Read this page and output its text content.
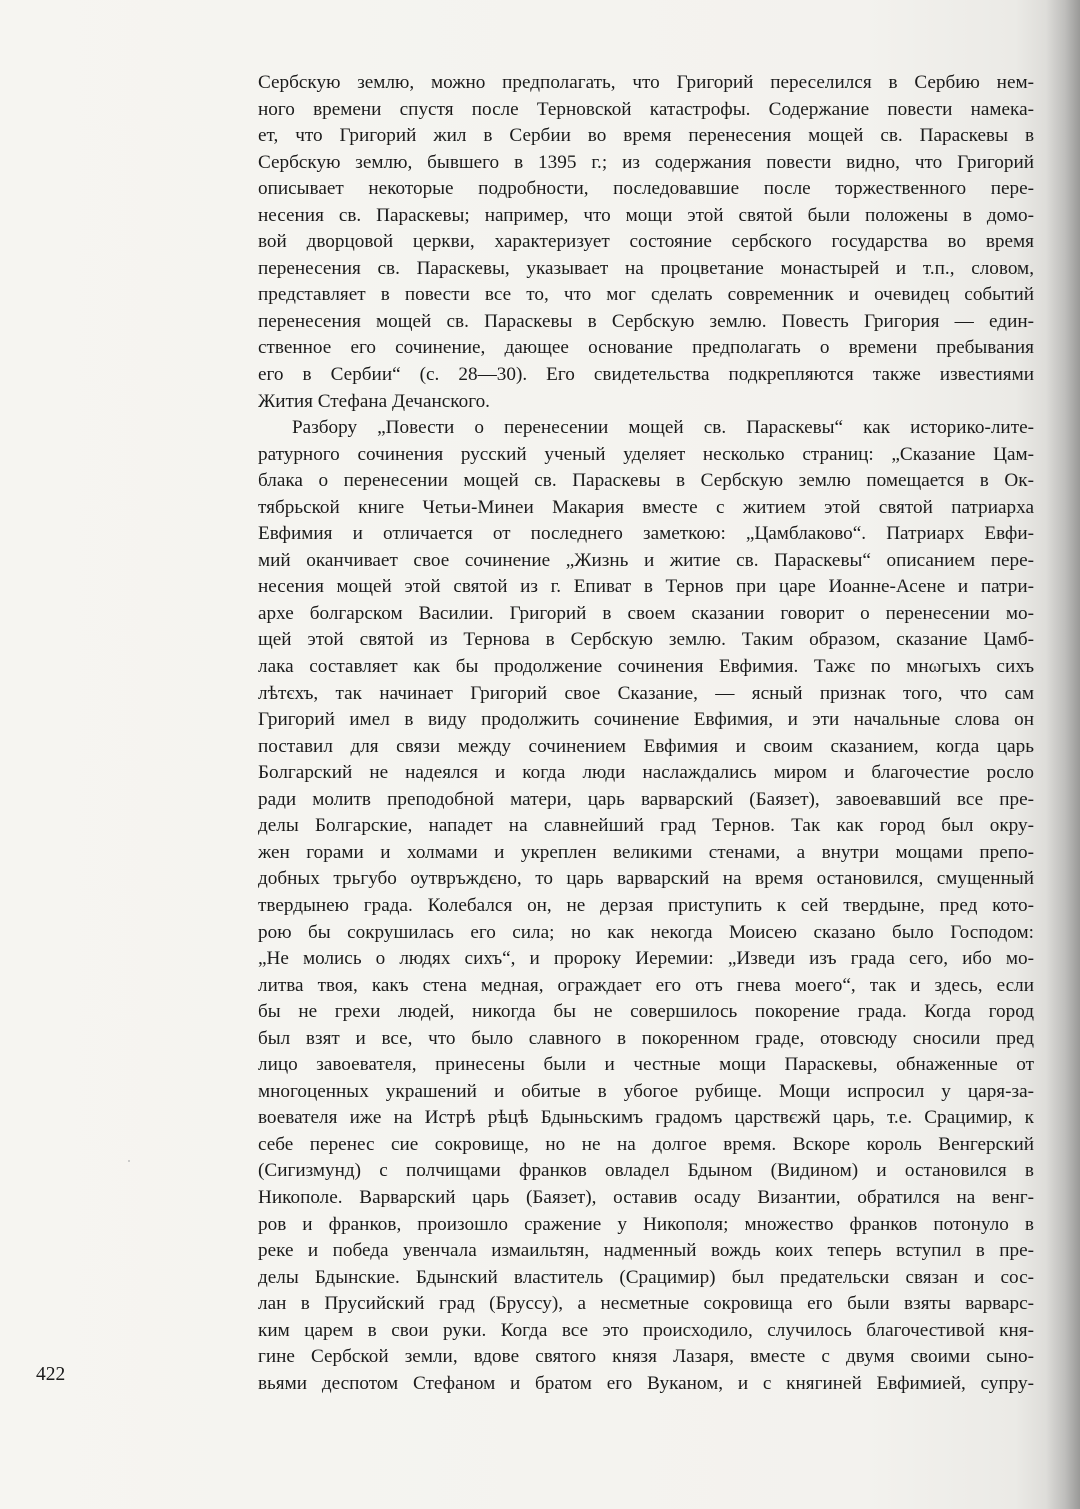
Сербскую землю, можно предполагать, что Григорий переселился в Сербию нем-
ного времени спустя после Терновской катастрофы. Содержание повести намека-
ет, что Григорий жил в Сербии во время перенесения мощей св. Параскевы в
Сербскую землю, бывшего в 1395 г.; из содержания повести видно, что Григорий
описывает некоторые подробности, последовавшие после торжественного пере-
несения св. Параскевы; например, что мощи этой святой были положены в домо-
вой дворцовой церкви, характеризует состояние сербского государства во время
перенесения св. Параскевы, указывает на процветание монастырей и т.п., словом,
представляет в повести все то, что мог сделать современник и очевидец событий
перенесения мощей св. Параскевы в Сербскую землю. Повесть Григория — един-
ственное его сочинение, дающее основание предполагать о времени пребывания
его в Сербии“ (с. 28—30). Его свидетельства подкрепляются также известиями
Жития Стефана Дечанского.
Разбору „Повести о перенесении мощей св. Параскевы“ как историко-лите-
ратурного сочинения русский ученый уделяет несколько страниц: „Сказание Цам-
блака о перенесении мощей св. Параскевы в Сербскую землю помещается в Ок-
тябрьской книге Четьи-Минеи Макария вместе с житием этой святой патриарха
Евфимия и отличается от последнего заметкою: „Цамблаково“. Патриарх Евфи-
мий оканчивает свое сочинение „Жизнь и житие св. Параскевы“ описанием пере-
несения мощей этой святой из г. Епиват в Тернов при царе Иоанне-Асене и патри-
архе болгарском Василии. Григорий в своем сказании говорит о перенесении мо-
щей этой святой из Тернова в Сербскую землю. Таким образом, сказание Цамб-
лака составляет как бы продолжение сочинения Евфимия. Тажє по мнωгыхъ сихъ
лѣтєхъ, так начинает Григорий свое Сказание, — ясный признак того, что сам
Григорий имел в виду продолжить сочинение Евфимия, и эти начальные слова он
поставил для связи между сочинением Евфимия и своим сказанием, когда царь
Болгарский не надеялся и когда люди наслаждались миром и благочестие росло
ради молитв преподобной матери, царь варварский (Баязет), завоевавший все пре-
делы Болгарские, нападет на славнейший град Тернов. Так как город был окру-
жен горами и холмами и укреплен великими стенами, а внутри мощами препо-
добных трьгубо оутвръждєно, то царь варварский на время остановился, смущенный
твердынею града. Колебался он, не дерзая приступить к сей твердыне, пред кото-
рою бы сокрушилась его сила; но как некогда Моисею сказано было Господом:
„Не молись о людях сихъ“, и пророку Иеремии: „Изведи изъ града сего, ибо мо-
литва твоя, какъ стена медная, ограждает его отъ гнева моего“, так и здесь, если
бы не грехи людей, никогда бы не совершилось покорение града. Когда город
был взят и все, что было славного в покоренном граде, отовсюду сносили пред
лицо завоевателя, принесены были и честные мощи Параскевы, обнаженные от
многоценных украшений и обитые в убогое рубище. Мощи испросил у царя-за-
воевателя иже на Истрѣ рѣцѣ Бдыньскимъ градомъ царствєжй царь, т.е. Срацимир, к
себе перенес сие сокровище, но не на долгое время. Вскоре король Венгерский
(Сигизмунд) с полчищами франков овладел Бдыном (Видином) и остановился в
Никополе. Варварский царь (Баязет), оставив осаду Византии, обратился на венг-
ров и франков, произошло сражение у Никополя; множество франков потонуло в
реке и победа увенчала измаильтян, надменный вождь коих теперь вступил в пре-
делы Бдынские. Бдынский властитель (Срацимир) был предательски связан и сос-
лан в Прусийский град (Бруссу), а несметные сокровища его были взяты варварс-
ким царем в свои руки. Когда все это происходило, случилось благочестивой кня-
гине Сербской земли, вдове святого князя Лазаря, вместе с двумя своими сыно-
вьями деспотом Стефаном и братом его Вуканом, и с княгиней Евфимией, супру-
422
